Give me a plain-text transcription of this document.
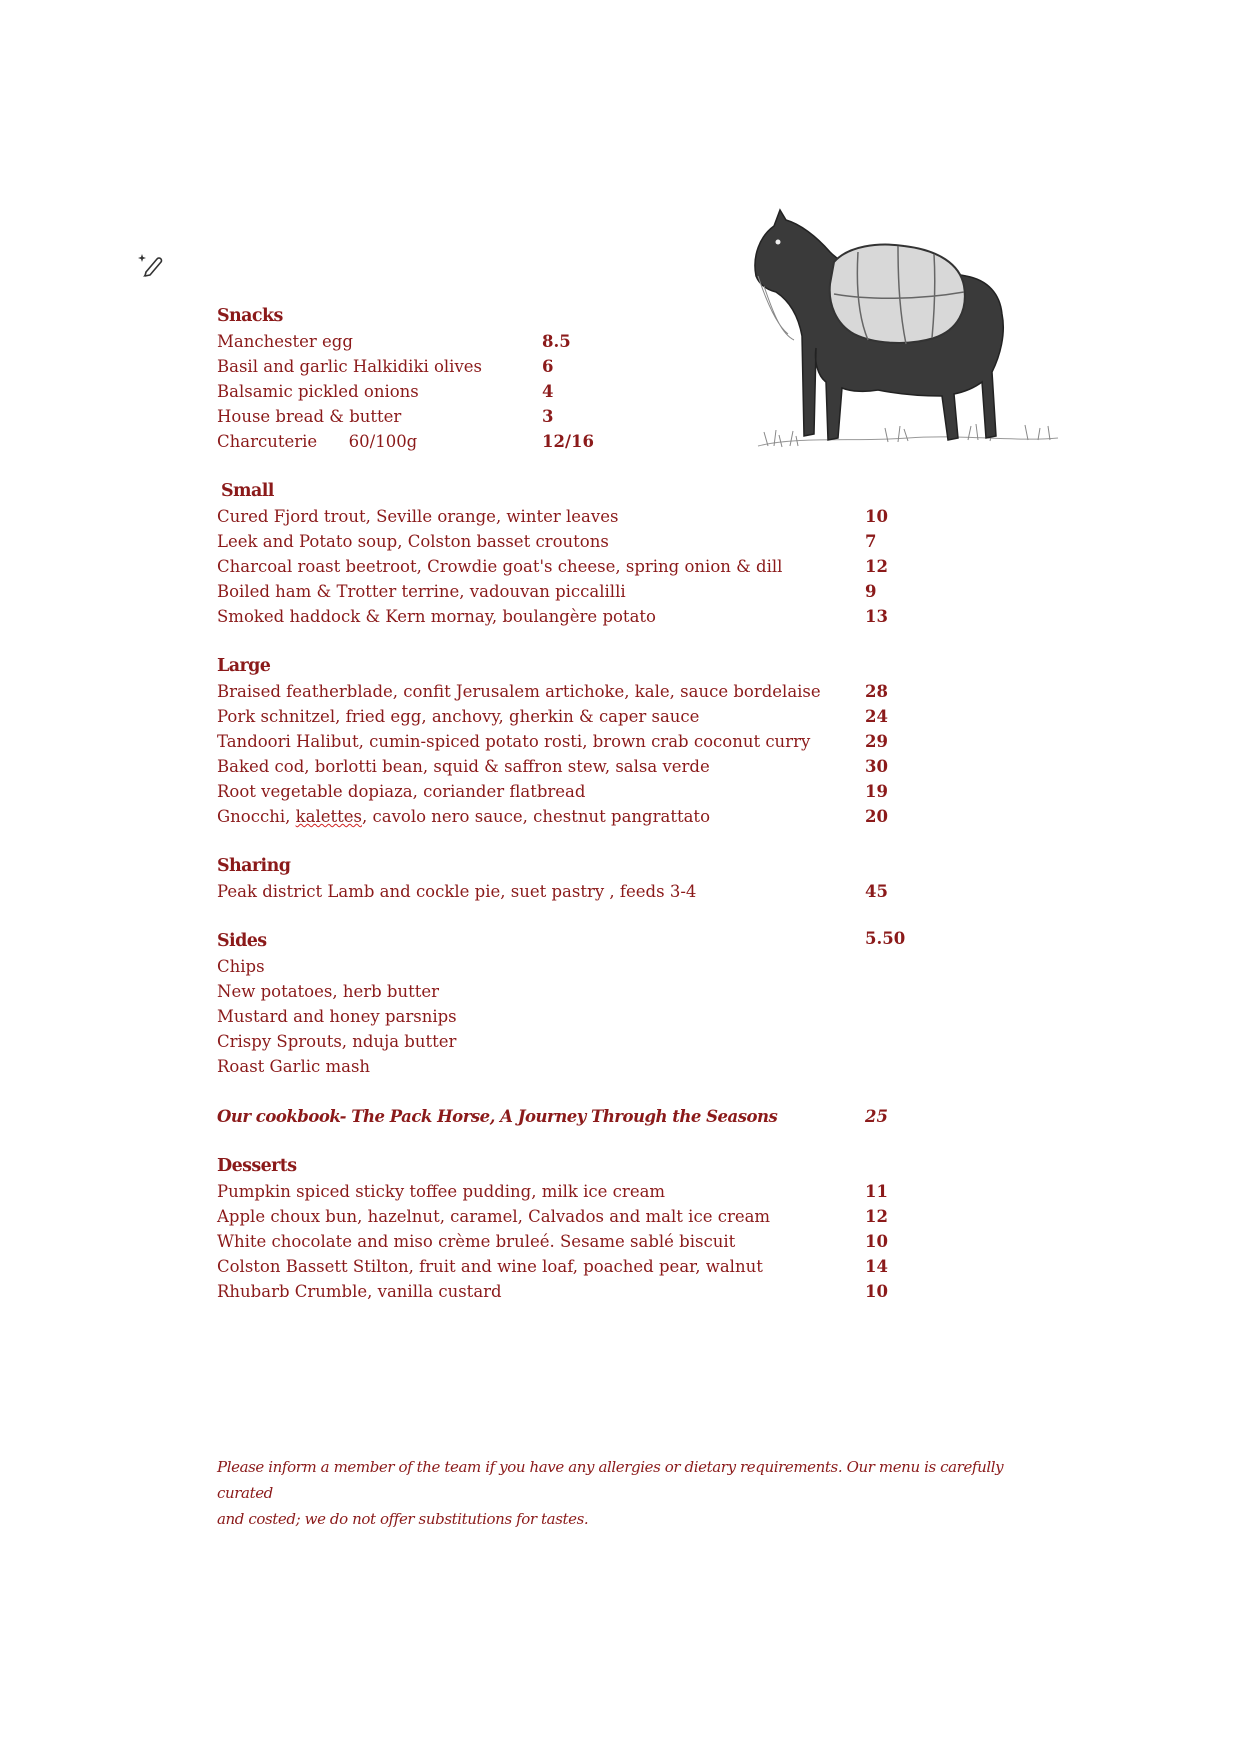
Snacks
Manchester egg	8.5
Basil and garlic Halkidiki olives	6
Balsamic pickled onions	4
House bread & butter	3
Charcuterie      60/100g	12/16
Small
Cured Fjord trout, Seville orange, winter leaves	10
Leek and Potato soup, Colston basset croutons	7
Charcoal roast beetroot, Crowdie goat's cheese, spring onion & dill	12
Boiled ham & Trotter terrine, vadouvan piccalilli	9
Smoked haddock & Kern mornay, boulangère potato	13
Large
Braised featherblade, confit Jerusalem artichoke, kale, sauce bordelaise	28
Pork schnitzel, fried egg, anchovy, gherkin & caper sauce	24
Tandoori Halibut, cumin-spiced potato rosti, brown crab coconut curry	29
Baked cod, borlotti bean, squid & saffron stew, salsa verde	30
Root vegetable dopiaza, coriander flatbread	19
Gnocchi, kalettes, cavolo nero sauce, chestnut pangrattato	20
Sharing
Peak district Lamb and cockle pie, suet pastry , feeds 3-4	45
Sides	5.50
Chips
New potatoes, herb butter
Mustard and honey parsnips
Crispy Sprouts, nduja butter
Roast Garlic mash
Our cookbook- The Pack Horse, A Journey Through the Seasons	25
Desserts
Pumpkin spiced sticky toffee pudding, milk ice cream	11
Apple choux bun, hazelnut, caramel, Calvados and malt ice cream	12
White chocolate and miso crème bruleé. Sesame sablé biscuit	10
Colston Bassett Stilton, fruit and wine loaf, poached pear, walnut	14
Rhubarb Crumble, vanilla custard	10

Please inform a member of the team if you have any allergies or dietary requirements. Our menu is carefully curated

and costed; we do not offer substitutions for tastes.
